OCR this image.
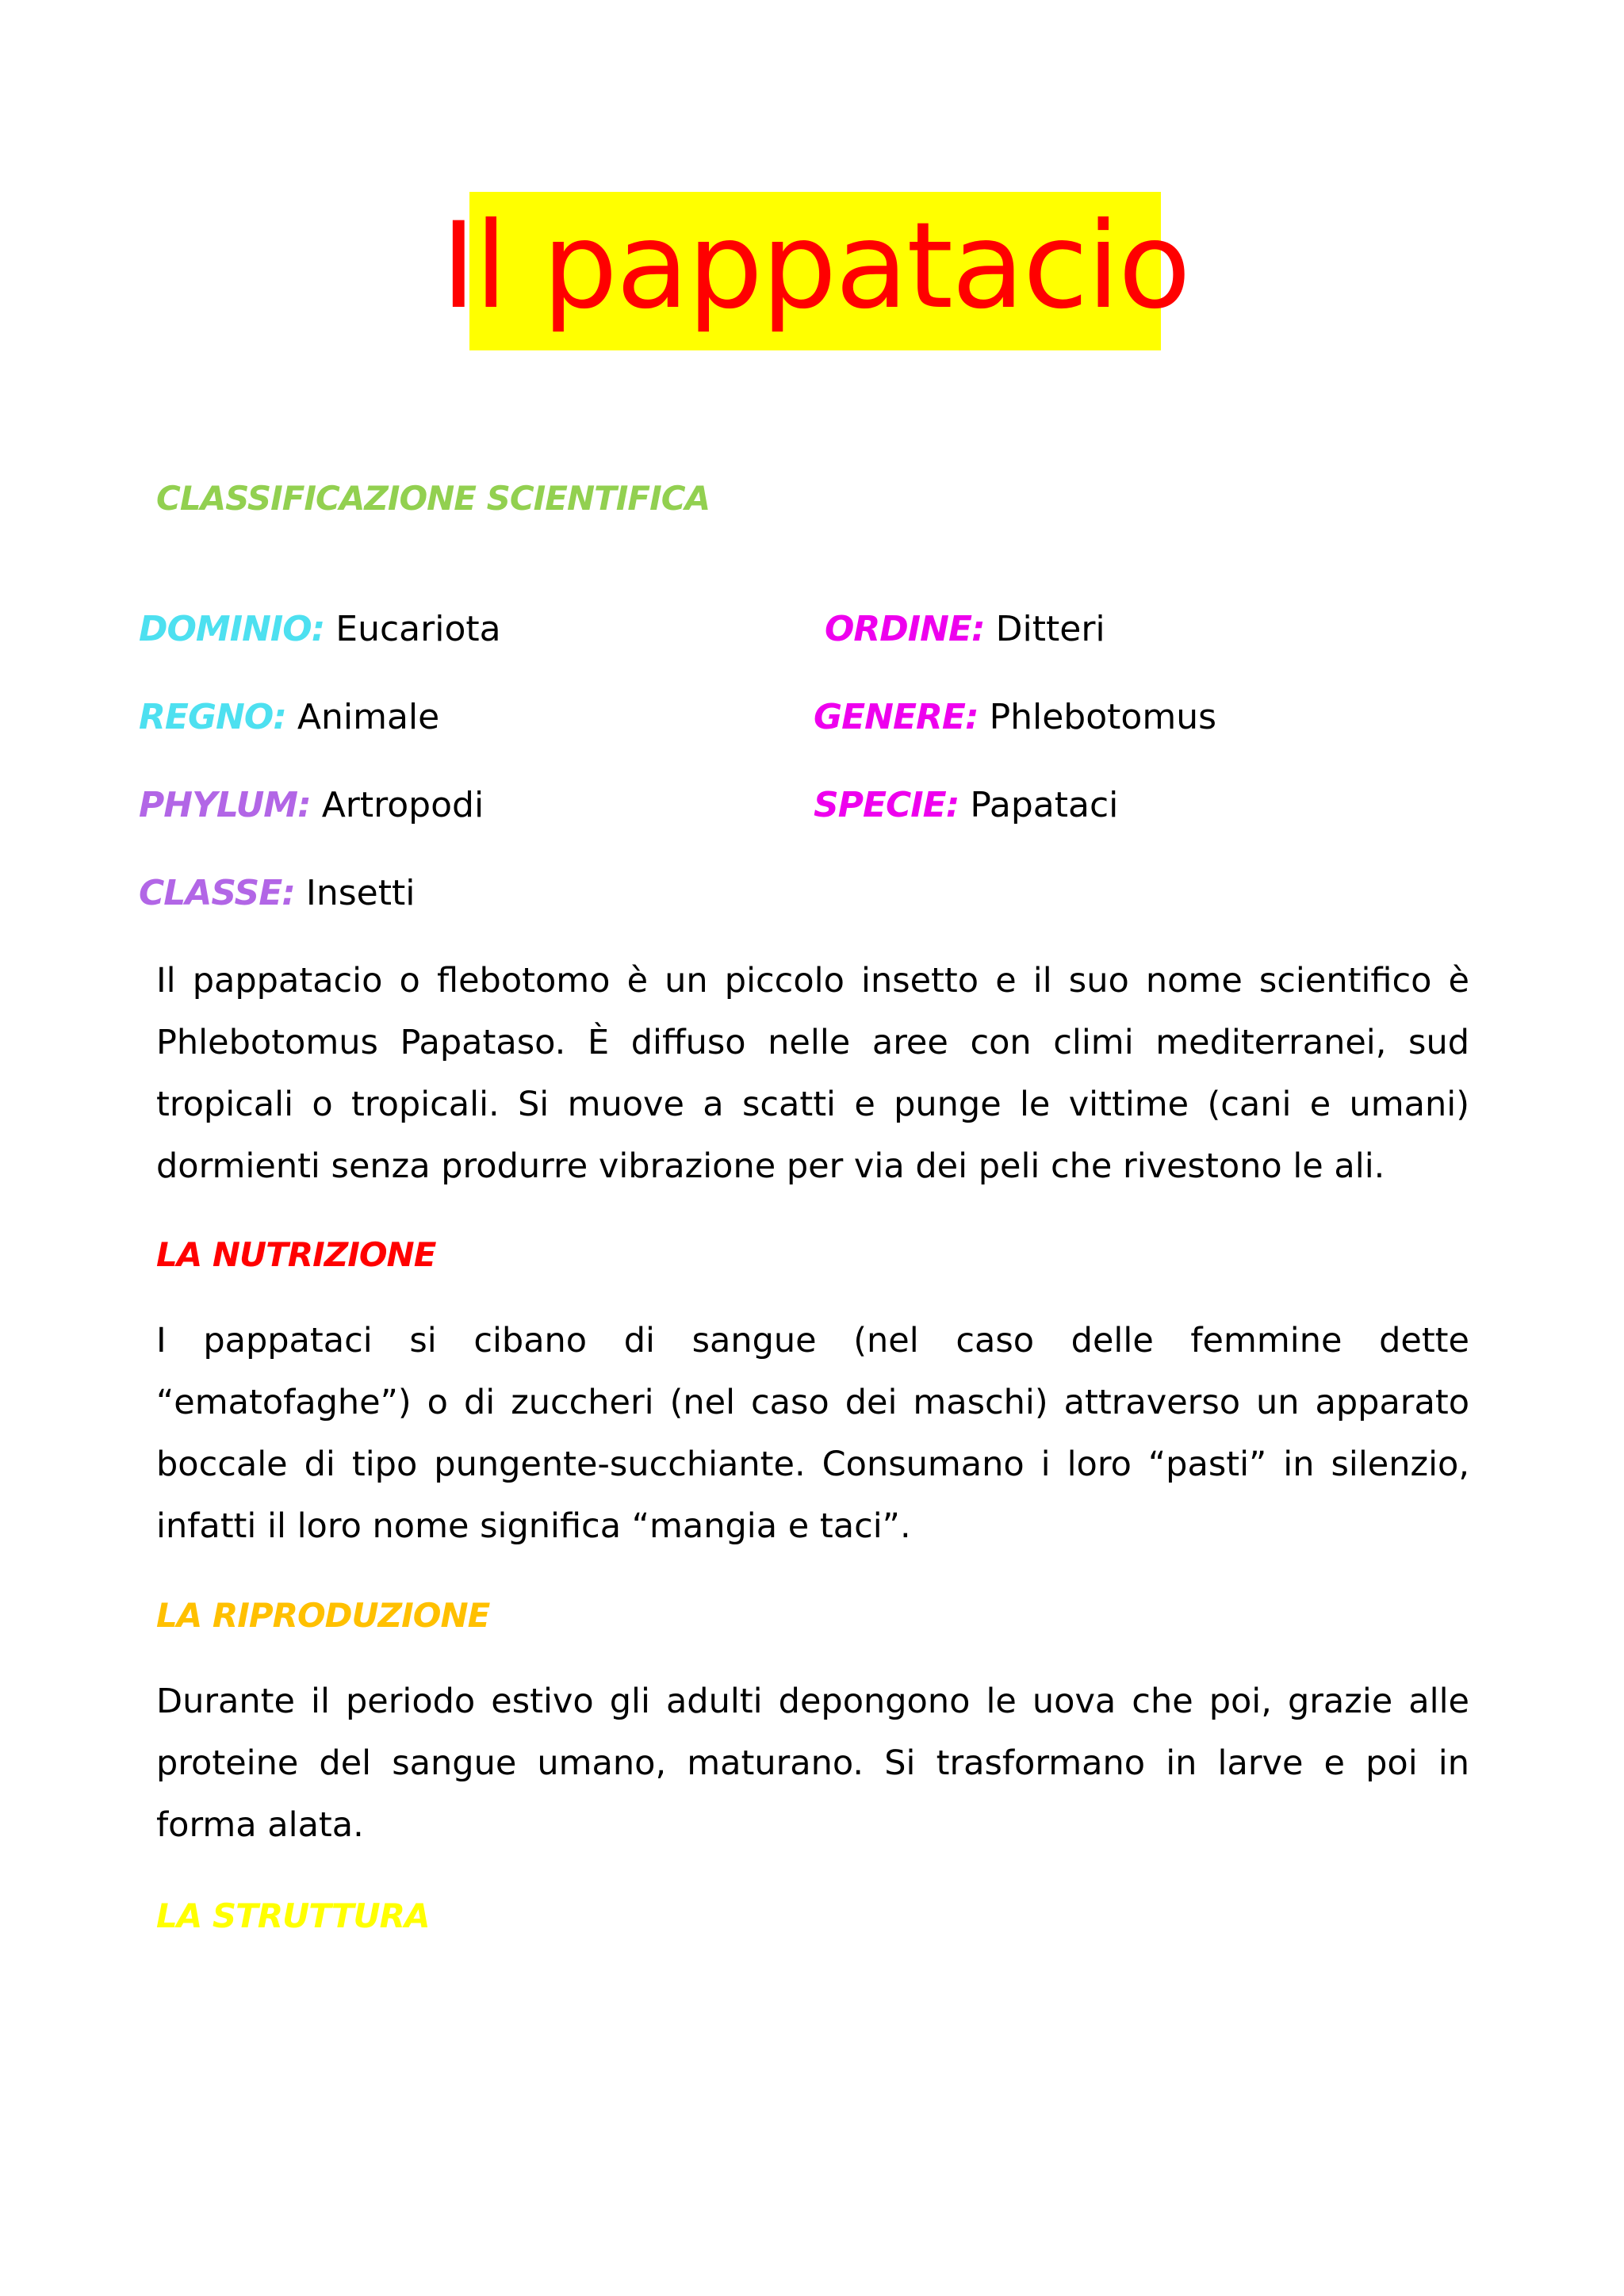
Il pappatacio
CLASSIFICAZIONE SCIENTIFICA
DOMINIO: Eucariota
REGNO: Animale
PHYLUM: Artropodi
CLASSE: Insetti
ORDINE: Ditteri
GENERE: Phlebotomus
SPECIE: Papataci
Il pappatacio o flebotomo è un piccolo insetto e il suo nome scientifico è Phlebotomus Papataso. È diffuso nelle aree con climi mediterranei, sud tropicali o tropicali. Si muove a scatti e punge le vittime (cani e umani) dormienti senza produrre vibrazione per via dei peli che rivestono le ali.
LA NUTRIZIONE
I pappataci si cibano di sangue (nel caso delle femmine dette “ematofaghe”) o di zuccheri (nel caso dei maschi) attraverso un apparato boccale di tipo pungente-succhiante. Consumano i loro “pasti” in silenzio, infatti il loro nome significa “mangia e taci”.
LA RIPRODUZIONE
Durante il periodo estivo gli adulti depongono le uova che poi, grazie alle proteine del sangue umano, maturano. Si trasformano in larve e poi in forma alata.
LA STRUTTURA
